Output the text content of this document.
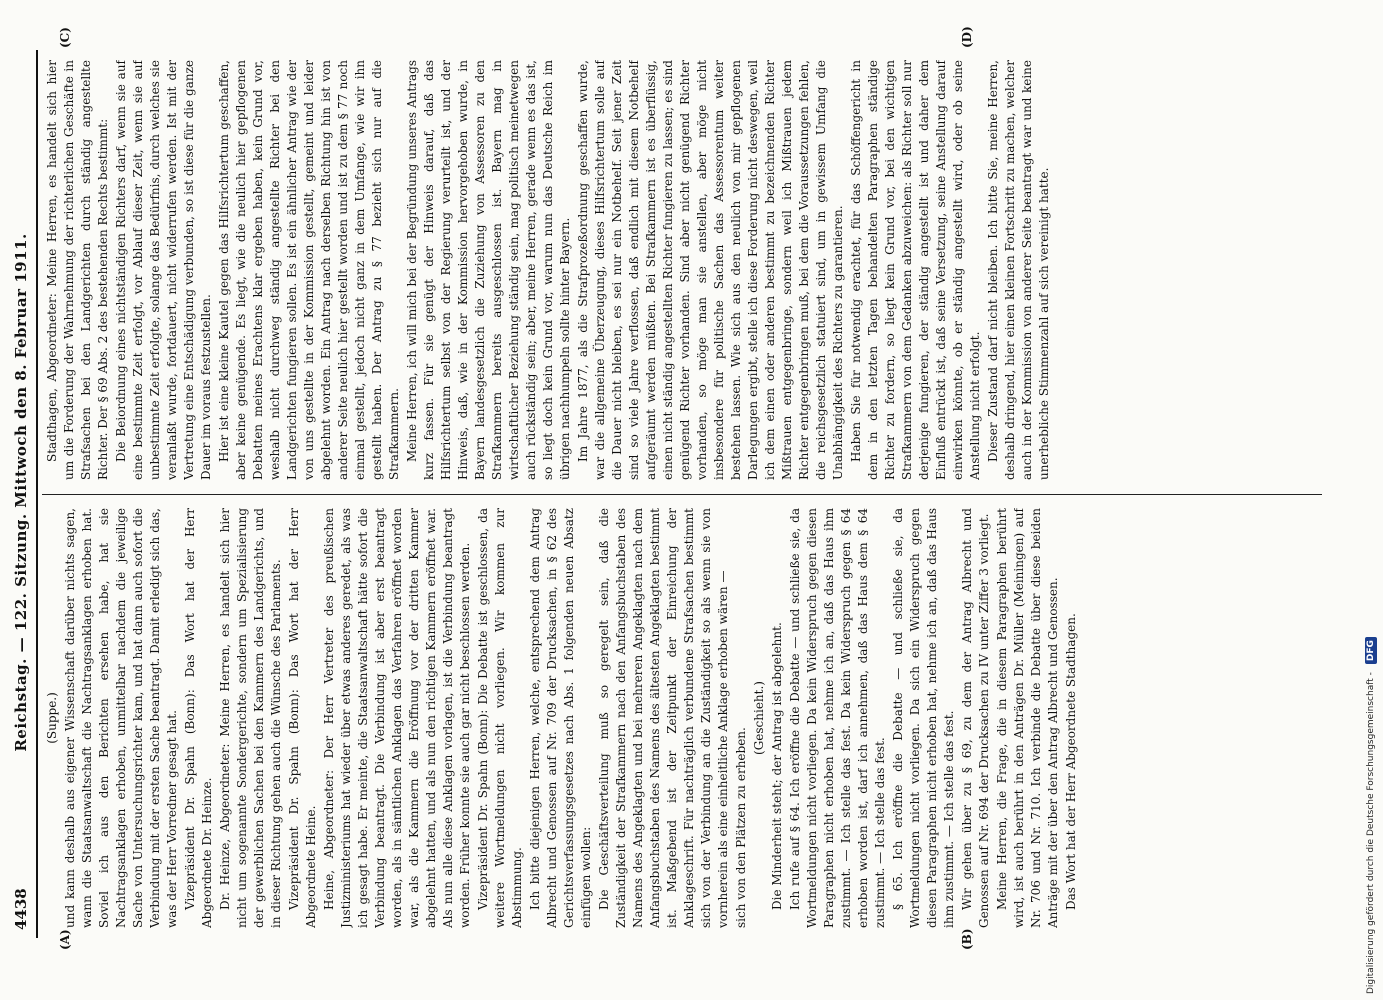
4438
Reichstag. — 122. Sitzung. Mittwoch den 8. Februar 1911.
(A)	(B)
(C)	(D)

(Suppe.) und kann deshalb aus eigener Wissenschaft darüber nichts sagen, wann die Staatsanwaltschaft die Nachtragsanklagen erhoben hat. Soviel ich aus den Berichten ersehen habe, hat sie Nachtragsanklagen erhoben, unmittelbar nachdem die jeweilige Sache von Untersuchungsrichter kam, und hat dann auch sofort die Verbindung mit der ersten Sache beantragt. Damit erledigt sich das, was der Herr Vorredner gesagt hat. Vizepräsident Dr. Spahn (Bonn): Das Wort hat der Herr Abgeordnete Dr. Heinze. Dr. Heinze, Abgeordneter: Meine Herren, es handelt sich hier nicht um sogenannte Sondergerichte, sondern um Spezialisierung der gewerblichen Sachen bei den Kammern des Landgerichts, und in dieser Richtung gehen auch die Wünsche des Parlaments. Vizepräsident Dr. Spahn (Bonn): Das Wort hat der Herr Abgeordnete Heine. Heine, Abgeordneter: Der Herr Vertreter des preußischen Justizministeriums hat wieder über etwas anderes geredet, als was ich gesagt habe. Er meinte, die Staatsanwaltschaft hätte sofort die Verbindung beantragt. Die Verbindung ist aber erst beantragt worden, als in sämtlichen Anklagen das Verfahren eröffnet worden war, als die Kammern die Eröffnung vor der dritten Kammer abgelehnt hatten, und als nun den richtigen Kammern eröffnet war. Als nun alle diese Anklagen vorlagen, ist die Verbindung beantragt worden. Früher konnte sie auch gar nicht beschlossen werden. Vizepräsident Dr. Spahn (Bonn): Die Debatte ist geschlossen, da weitere Wortmeldungen nicht vorliegen. Wir kommen zur Abstimmung. Ich bitte diejenigen Herren, welche, entsprechend dem Antrag Albrecht und Genossen auf Nr. 709 der Drucksachen, in § 62 des Gerichtsverfassungsgesetzes nach Abs. 1 folgenden neuen Absatz einfügen wollen: Die Geschäftsverteilung muß so geregelt sein, daß die Zuständigkeit der Strafkammern nach den Anfangsbuchstaben des Namens des Angeklagten und bei mehreren Angeklagten nach dem Anfangsbuchstaben des Namens des ältesten Angeklagten bestimmt ist. Maßgebend ist der Zeitpunkt der Einreichung der Anklageschrift. Für nachträglich verbundene Strafsachen bestimmt sich von der Verbindung an die Zuständigkeit so als wenn sie von vornherein als eine einheitliche Anklage erhoben wären — sich von den Plätzen zu erheben.

(Geschieht.) Die Minderheit steht; der Antrag ist abgelehnt. Ich rufe auf § 64. Ich eröffne die Debatte — und schließe sie, da Wortmeldungen nicht vorliegen. Da kein Widerspruch gegen diesen Paragraphen nicht erhoben hat, nehme ich an, daß das Haus ihm zustimmt. — Ich stelle das fest. Da kein Widerspruch gegen § 64 erhoben worden ist, darf ich annehmen, daß das Haus dem § 64 zustimmt. — Ich stelle das fest. § 65. Ich eröffne die Debatte — und schließe sie, da Wortmeldungen nicht vorliegen. Da sich ein Widerspruch gegen diesen Paragraphen nicht erhoben hat, nehme ich an, daß das Haus ihm zustimmt. — Ich stelle das fest. Wir gehen über zu § 69, zu dem der Antrag Albrecht und Genossen auf Nr. 694 der Drucksachen zu IV unter Ziffer 3 vorliegt. Meine Herren, die Frage, die in diesem Paragraphen berührt wird, ist auch berührt in den Anträgen Dr. Müller (Meiningen) auf Nr. 706 und Nr. 710. Ich verbinde die Debatte über diese beiden Anträge mit der über den Antrag Albrecht und Genossen. Das Wort hat der Herr Abgeordnete Stadthagen.

Stadthagen, Abgeordneter: Meine Herren, es handelt sich hier um die Forderung der Wahrnehmung der richterlichen Geschäfte in Strafsachen bei den Landgerichten durch ständig angestellte Richter. Der § 69 Abs. 2 des bestehenden Rechts bestimmt: Die Beiordnung eines nichtständigen Richters darf, wenn sie auf eine bestimmte Zeit erfolgt, vor Ablauf dieser Zeit, wenn sie auf unbestimmte Zeit erfolgte, solange das Bedürfnis, durch welches sie veranlaßt wurde, fortdauert, nicht widerrufen werden. Ist mit der Vertretung eine Entschädigung verbunden, so ist diese für die ganze Dauer im voraus festzustellen. Hier ist eine kleine Kautel gegen das Hilfsrichtertum geschaffen, aber keine genügende. Es liegt, wie die neulich hier gepflogenen Debatten meines Erachtens klar ergeben haben, kein Grund vor, weshalb nicht durchweg ständig angestellte Richter bei den Landgerichten fungieren sollen. Es ist ein ähnlicher Antrag wie der von uns gestellte in der Kommission gestellt, gemeint und leider abgelehnt worden. Ein Antrag nach derselben Richtung hin ist von anderer Seite neulich hier gestellt worden und ist zu dem § 77 noch einmal gestellt, jedoch nicht ganz in dem Umfange, wie wir ihn gestellt haben. Der Antrag zu § 77 bezieht sich nur auf die Strafkammern. Meine Herren, ich will mich bei der Begründung unseres Antrags kurz fassen. Für sie genügt der Hinweis darauf, daß das Hilfsrichtertum selbst von der Regierung verurteilt ist, und der Hinweis, daß, wie in der Kommission hervorgehoben wurde, in Bayern landesgesetzlich die Zuziehung von Assessoren zu den Strafkammern bereits ausgeschlossen ist. Bayern mag in wirtschaftlicher Beziehung ständig sein, mag politisch meinetwegen auch rückständig sein; aber, meine Herren, gerade wenn es das ist, so liegt doch kein Grund vor, warum nun das Deutsche Reich im übrigen nachhumpeln sollte hinter Bayern. Im Jahre 1877, als die Strafprozeßordnung geschaffen wurde, war die allgemeine Überzeugung, dieses Hilfsrichtertum solle auf die Dauer nicht bleiben, es sei nur ein Notbehelf. Seit jener Zeit sind so viele Jahre verflossen, daß endlich mit diesem Notbehelf aufgeräumt werden müßten. Bei Strafkammern ist es überflüssig, einen nicht ständig angestellten Richter fungieren zu lassen; es sind genügend Richter vorhanden. Sind aber nicht genügend Richter vorhanden, so möge man sie anstellen, aber möge nicht insbesondere für politische Sachen das Assessorentum weiter bestehen lassen. Wie sich aus den neulich von mir gepflogenen Darlegungen ergibt, stelle ich diese Forderung nicht deswegen, weil ich dem einen oder anderen bestimmt zu bezeichnenden Richter Mißtrauen entgegenbringe, sondern weil ich Mißtrauen jedem Richter entgegenbringen muß, bei dem die Voraussetzungen fehlen, die reichsgesetzlich statuiert sind, um in gewissem Umfang die Unabhängigkeit des Richters zu garantieren. Haben Sie für notwendig erachtet, für das Schöffengericht in dem in den letzten Tagen behandelten Paragraphen ständige Richter zu fordern, so liegt kein Grund vor, bei den wichtigen Strafkammern von dem Gedanken abzuweichen: als Richter soll nur derjenige fungieren, der ständig angestellt ist und daher dem Einfluß entrückt ist, daß seine Versetzung, seine Anstellung darauf einwirken könnte, ob er ständig angestellt wird, oder ob seine Anstellung nicht erfolgt. Dieser Zustand darf nicht bleiben. Ich bitte Sie, meine Herren, deshalb dringend, hier einen kleinen Fortschritt zu machen, welcher auch in der Kommission von anderer Seite beantragt war und keine unerhebliche Stimmenzahl auf sich vereinigt hatte.

Digitalisierung gefördert durch die Deutsche Forschungsgemeinschaft -
DFG
